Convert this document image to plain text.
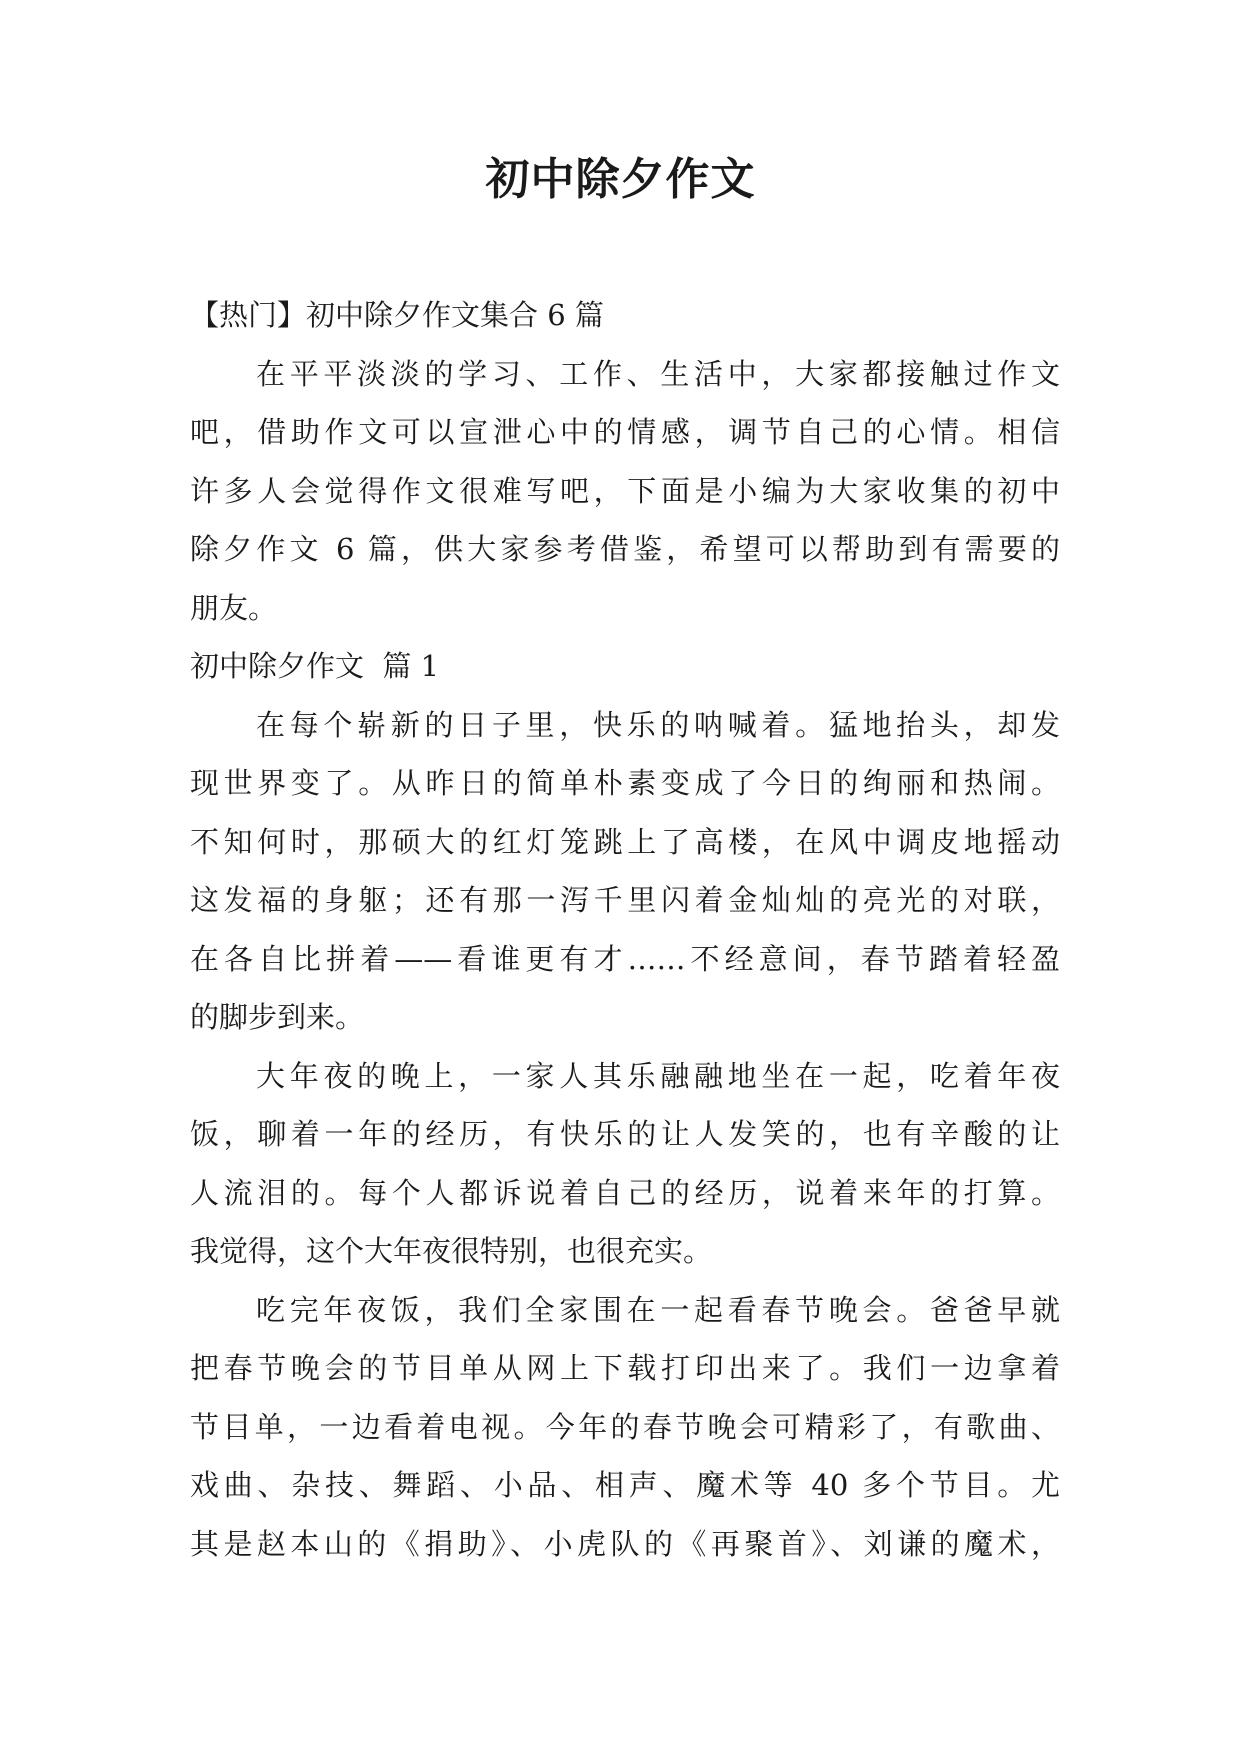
初中除夕作文
【热门】初中除夕作文集合 6 篇
在平平淡淡的学习、工作、生活中，大家都接触过作文
吧，借助作文可以宣泄心中的情感，调节自己的心情。相信
许多人会觉得作文很难写吧，下面是小编为大家收集的初中
除夕作文 6 篇，供大家参考借鉴，希望可以帮助到有需要的
朋友。
初中除夕作文  篇 1
在每个崭新的日子里，快乐的呐喊着。猛地抬头，却发
现世界变了。从昨日的简单朴素变成了今日的绚丽和热闹。
不知何时，那硕大的红灯笼跳上了高楼，在风中调皮地摇动
这发福的身躯；还有那一泻千里闪着金灿灿的亮光的对联，
在各自比拼着——看谁更有才……不经意间，春节踏着轻盈
的脚步到来。
大年夜的晚上，一家人其乐融融地坐在一起，吃着年夜
饭，聊着一年的经历，有快乐的让人发笑的，也有辛酸的让
人流泪的。每个人都诉说着自己的经历，说着来年的打算。
我觉得，这个大年夜很特别，也很充实。
吃完年夜饭，我们全家围在一起看春节晚会。爸爸早就
把春节晚会的节目单从网上下载打印出来了。我们一边拿着
节目单，一边看着电视。今年的春节晚会可精彩了，有歌曲、
戏曲、杂技、舞蹈、小品、相声、魔术等 40 多个节目。尤
其是赵本山的《捐助》、小虎队的《再聚首》、刘谦的魔术，
